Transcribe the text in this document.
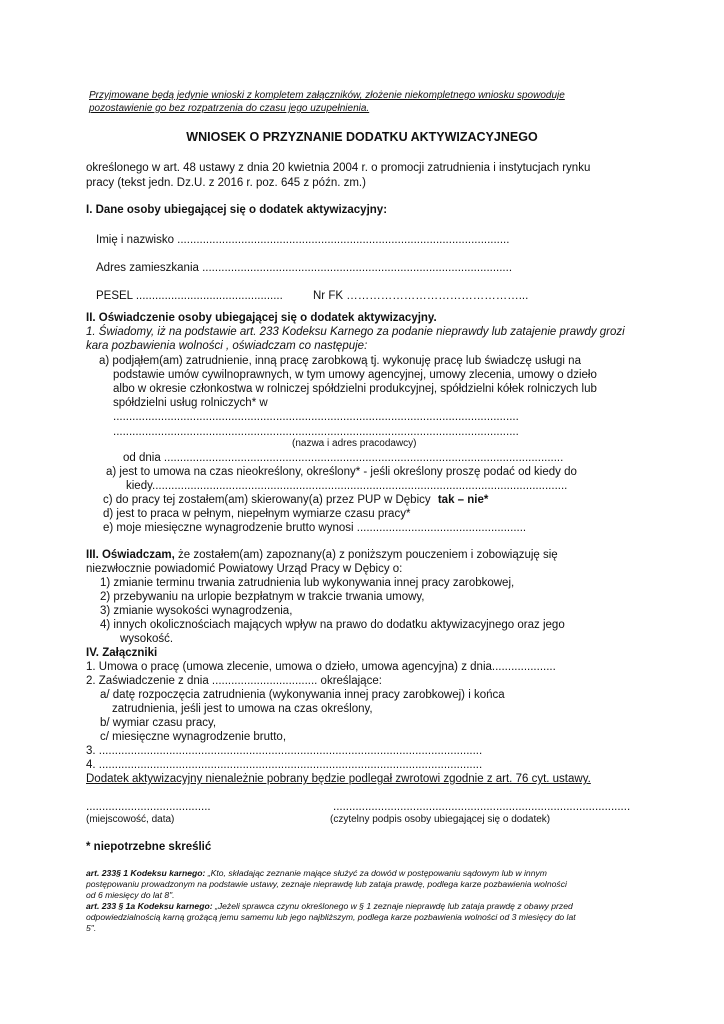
Przyjmowane będą jedynie wnioski z kompletem załączników, złożenie niekompletnego wniosku spowoduje
pozostawienie go bez rozpatrzenia do czasu jego uzupełnienia.
WNIOSEK O PRZYZNANIE DODATKU AKTYWIZACYJNEGO
określonego w art. 48 ustawy z dnia 20 kwietnia 2004 r. o promocji zatrudnienia i instytucjach rynku
pracy (tekst jedn. Dz.U. z 2016 r. poz. 645 z późn. zm.)
I. Dane osoby ubiegającej się o dodatek aktywizacyjny:
Imię i nazwisko ........................................................................................................
Adres zamieszkania .................................................................................................
PESEL ..............................................	Nr FK ………………………………………...
II. Oświadczenie osoby ubiegającej się o dodatek aktywizacyjny.
1. Świadomy, iż na podstawie art. 233 Kodeksu Karnego za podanie nieprawdy lub zatajenie prawdy grozi
kara pozbawienia wolności , oświadczam co następuje:
a) podjąłem(am) zatrudnienie, inną pracę zarobkową tj. wykonuję pracę lub świadczę usługi na
podstawie umów cywilnoprawnych, w tym umowy agencyjnej, umowy zlecenia, umowy o dzieło
albo w okresie członkostwa w rolniczej spółdzielni produkcyjnej, spółdzielni kółek rolniczych lub
spółdzielni usług rolniczych* w
...............................................................................................................................
...............................................................................................................................
(nazwa i adres pracodawcy)
od dnia .............................................................................................................................
a) jest to umowa na czas nieokreślony, określony* - jeśli określony proszę podać od kiedy do
kiedy..................................................................................................................................
c) do pracy tej zostałem(am) skierowany(a) przez PUP w Dębicy tak – nie*
d) jest to praca w pełnym, niepełnym wymiarze czasu pracy*
e) moje miesięczne wynagrodzenie brutto wynosi .....................................................
III. Oświadczam, że zostałem(am) zapoznany(a) z poniższym pouczeniem i zobowiązuję się
niezwłocznie powiadomić Powiatowy Urząd Pracy w Dębicy o:
1) zmianie terminu trwania zatrudnienia lub wykonywania innej pracy zarobkowej,
2) przebywaniu na urlopie bezpłatnym w trakcie trwania umowy,
3) zmianie wysokości wynagrodzenia,
4) innych okolicznościach mających wpływ na prawo do dodatku aktywizacyjnego oraz jego
wysokość.
IV. Załączniki
1. Umowa o pracę (umowa zlecenie, umowa o dzieło, umowa agencyjna) z dnia....................
2. Zaświadczenie z dnia ................................. określające:
a/ datę rozpoczęcia zatrudnienia (wykonywania innej pracy zarobkowej) i końca
zatrudnienia, jeśli jest to umowa na czas określony,
b/ wymiar czasu pracy,
c/ miesięczne wynagrodzenie brutto,
3. ........................................................................................................................
4. ........................................................................................................................
Dodatek aktywizacyjny nienależnie pobrany będzie podlegał zwrotowi zgodnie z art. 76 cyt. ustawy.
.......................................
(miejscowość, data)
.............................................................................................
(czytelny podpis osoby ubiegającej się o dodatek)
* niepotrzebne skreślić
art. 233§ 1 Kodeksu karnego: „Kto, składając zeznanie mające służyć za dowód w postępowaniu sądowym lub w innym
postępowaniu prowadzonym na podstawie ustawy, zeznaje nieprawdę lub zataja prawdę, podlega karze pozbawienia wolności
od 6 miesięcy do lat 8".
art. 233 § 1a Kodeksu karnego: „Jeżeli sprawca czynu określonego w § 1 zeznaje nieprawdę lub zataja prawdę z obawy przed
odpowiedzialnością karną grożącą jemu samemu lub jego najbliższym, podlega karze pozbawienia wolności od 3 miesięcy do lat
5".
